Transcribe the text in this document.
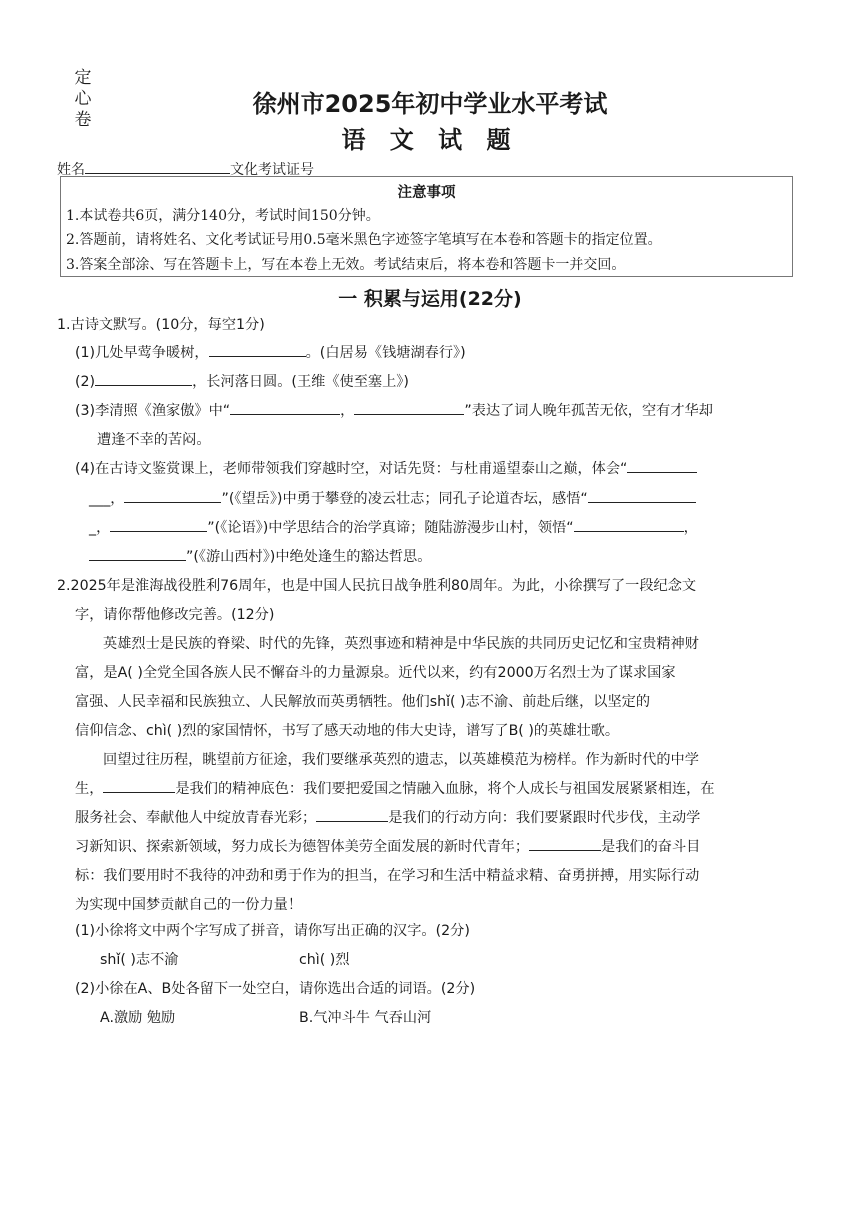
定心卷
徐州市2025年初中学业水平考试
语 文 试 题
姓名	文化考试证号
注意事项
1.本试卷共6页，满分140分，考试时间150分钟。
2.答题前，请将姓名、文化考试证号用0.5毫米黑色字迹签字笔填写在本卷和答题卡的指定位置。
3.答案全部涂、写在答题卡上，写在本卷上无效。考试结束后，将本卷和答题卡一并交回。
一 积累与运用(22分)
1.古诗文默写。(10分，每空1分)
(1)几处早莺争暖树，	。(白居易《钱塘湖春行》)
(2)	，长河落日圆。(王维《使至塞上》)
(3)李清照《渔家傲》中“	，	”表达了词人晚年孤苦无依，空有才华却
遭逢不幸的苦闷。
(4)在古诗文鉴赏课上，老师带领我们穿越时空，对话先贤：与杜甫遥望泰山之巅，体会“
___，	”(《望岳》)中勇于攀登的凌云壮志；同孔子论道杏坛，感悟“
_，	”(《论语》)中学思结合的治学真谛；随陆游漫步山村，领悟“	，
”(《游山西村》)中绝处逢生的豁达哲思。
2.2025年是淮海战役胜利76周年，也是中国人民抗日战争胜利80周年。为此，小徐撰写了一段纪念文
字，请你帮他修改完善。(12分)
英雄烈士是民族的脊梁、时代的先锋，英烈事迹和精神是中华民族的共同历史记忆和宝贵精神财
富，是A( )全党全国各族人民不懈奋斗的力量源泉。近代以来，约有2000万名烈士为了谋求国家
富强、人民幸福和民族独立、人民解放而英勇牺牲。他们shǐ( )志不渝、前赴后继，以坚定的
信仰信念、chì( )烈的家国情怀，书写了感天动地的伟大史诗，谱写了B( )的英雄壮歌。
回望过往历程，眺望前方征途，我们要继承英烈的遗志，以英雄模范为榜样。作为新时代的中学
生，	是我们的精神底色：我们要把爱国之情融入血脉，将个人成长与祖国发展紧紧相连，在
服务社会、奉献他人中绽放青春光彩；	是我们的行动方向：我们要紧跟时代步伐，主动学
习新知识、探索新领域，努力成长为德智体美劳全面发展的新时代青年；	是我们的奋斗目
标：我们要用时不我待的冲劲和勇于作为的担当，在学习和生活中精益求精、奋勇拼搏，用实际行动
为实现中国梦贡献自己的一份力量！
(1)小徐将文中两个字写成了拼音，请你写出正确的汉字。(2分)
shǐ( )志不渝	chì( )烈
(2)小徐在A、B处各留下一处空白，请你选出合适的词语。(2分)
A.激励 勉励	B.气冲斗牛 气吞山河
